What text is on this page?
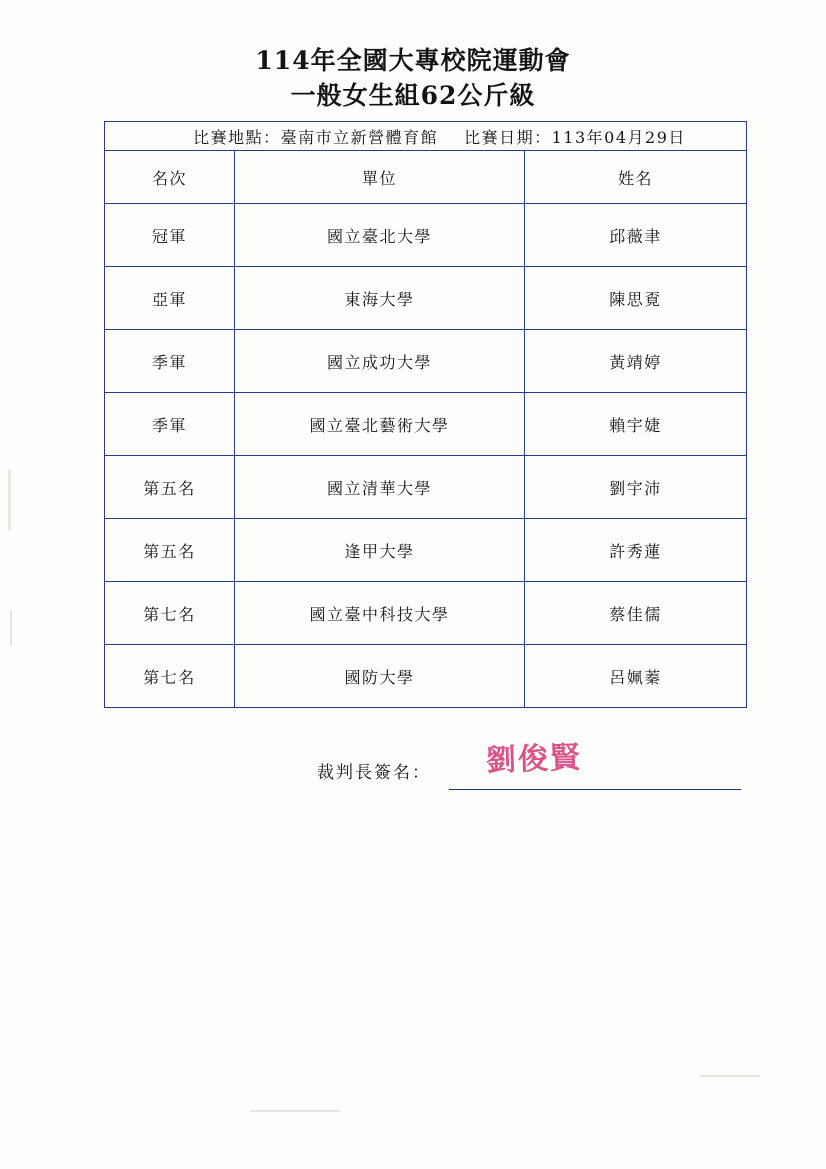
114年全國大專校院運動會
一般女生組62公斤級
比賽地點：臺南市立新營體育館 比賽日期：113年04月29日		

名次	單位	姓名
冠軍	國立臺北大學	邱薇聿
亞軍	東海大學	陳思覔
季軍	國立成功大學	黃靖婷
季軍	國立臺北藝術大學	賴宇婕
第五名	國立清華大學	劉宇沛
第五名	逢甲大學	許秀蓮
第七名	國立臺中科技大學	蔡佳儒
第七名	國防大學	呂姵蓁
裁判長簽名：	劉俊賢
